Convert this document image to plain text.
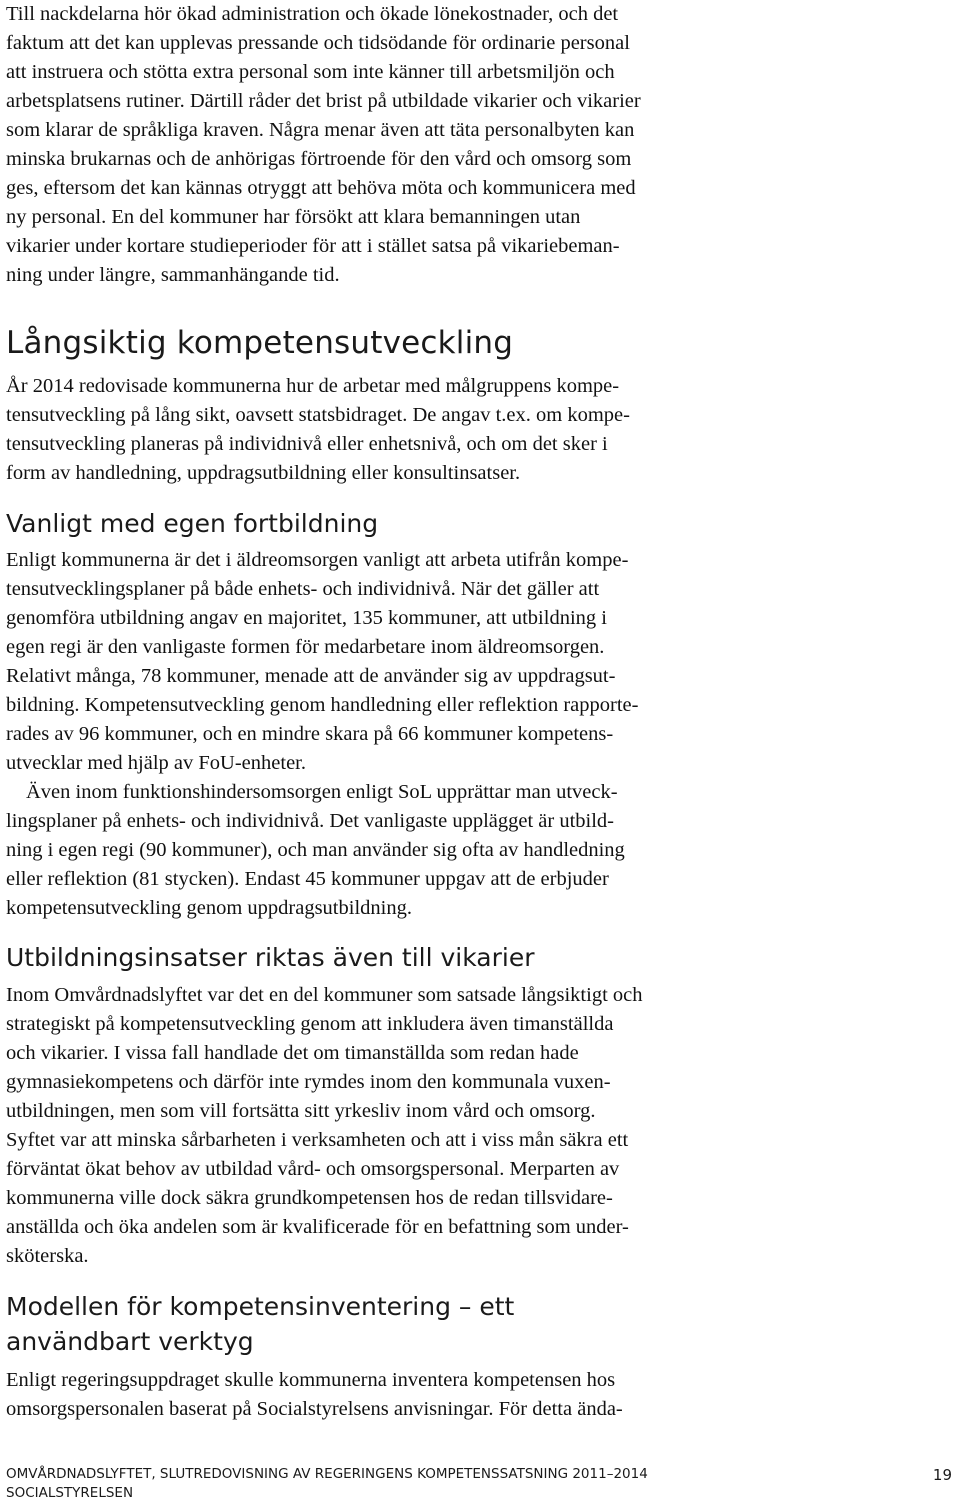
Till nackdelarna hör ökad administration och ökade lönekostnader, och det
faktum att det kan upplevas pressande och tidsödande för ordinarie personal
att instruera och stötta extra personal som inte känner till arbetsmiljön och
arbetsplatsens rutiner. Därtill råder det brist på utbildade vikarier och vikarier
som klarar de språkliga kraven. Några menar även att täta personalbyten kan
minska brukarnas och de anhörigas förtroende för den vård och omsorg som
ges, eftersom det kan kännas otryggt att behöva möta och kommunicera med
ny personal. En del kommuner har försökt att klara bemanningen utan
vikarier under kortare studieperioder för att i stället satsa på vikariebeman-
ning under längre, sammanhängande tid.
Långsiktig kompetensutveckling
År 2014 redovisade kommunerna hur de arbetar med målgruppens kompe-
tensutveckling på lång sikt, oavsett statsbidraget. De angav t.ex. om kompe-
tensutveckling planeras på individnivå eller enhetsnivå, och om det sker i
form av handledning, uppdragsutbildning eller konsultinsatser.
Vanligt med egen fortbildning
Enligt kommunerna är det i äldreomsorgen vanligt att arbeta utifrån kompe-
tensutvecklingsplaner på både enhets- och individnivå. När det gäller att
genomföra utbildning angav en majoritet, 135 kommuner, att utbildning i
egen regi är den vanligaste formen för medarbetare inom äldreomsorgen.
Relativt många, 78 kommuner, menade att de använder sig av uppdragsut-
bildning. Kompetensutveckling genom handledning eller reflektion rapporte-
rades av 96 kommuner, och en mindre skara på 66 kommuner kompetens-
utvecklar med hjälp av FoU-enheter.
Även inom funktionshindersomsorgen enligt SoL upprättar man utveck-
lingsplaner på enhets- och individnivå. Det vanligaste upplägget är utbild-
ning i egen regi (90 kommuner), och man använder sig ofta av handledning
eller reflektion (81 stycken). Endast 45 kommuner uppgav att de erbjuder
kompetensutveckling genom uppdragsutbildning.
Utbildningsinsatser riktas även till vikarier
Inom Omvårdnadslyftet var det en del kommuner som satsade långsiktigt och
strategiskt på kompetensutveckling genom att inkludera även timanställda
och vikarier. I vissa fall handlade det om timanställda som redan hade
gymnasiekompetens och därför inte rymdes inom den kommunala vuxen-
utbildningen, men som vill fortsätta sitt yrkesliv inom vård och omsorg.
Syftet var att minska sårbarheten i verksamheten och att i viss mån säkra ett
förväntat ökat behov av utbildad vård- och omsorgspersonal. Merparten av
kommunerna ville dock säkra grundkompetensen hos de redan tillsvidare-
anställda och öka andelen som är kvalificerade för en befattning som under-
sköterska.
Modellen för kompetensinventering – ett
användbart verktyg
Enligt regeringsuppdraget skulle kommunerna inventera kompetensen hos
omsorgspersonalen baserat på Socialstyrelsens anvisningar. För detta ända-
OMVÅRDNADSLYFTET, SLUTREDOVISNING AV REGERINGENS KOMPETENSSATSNING 2011–2014
SOCIALSTYRELSEN
19
